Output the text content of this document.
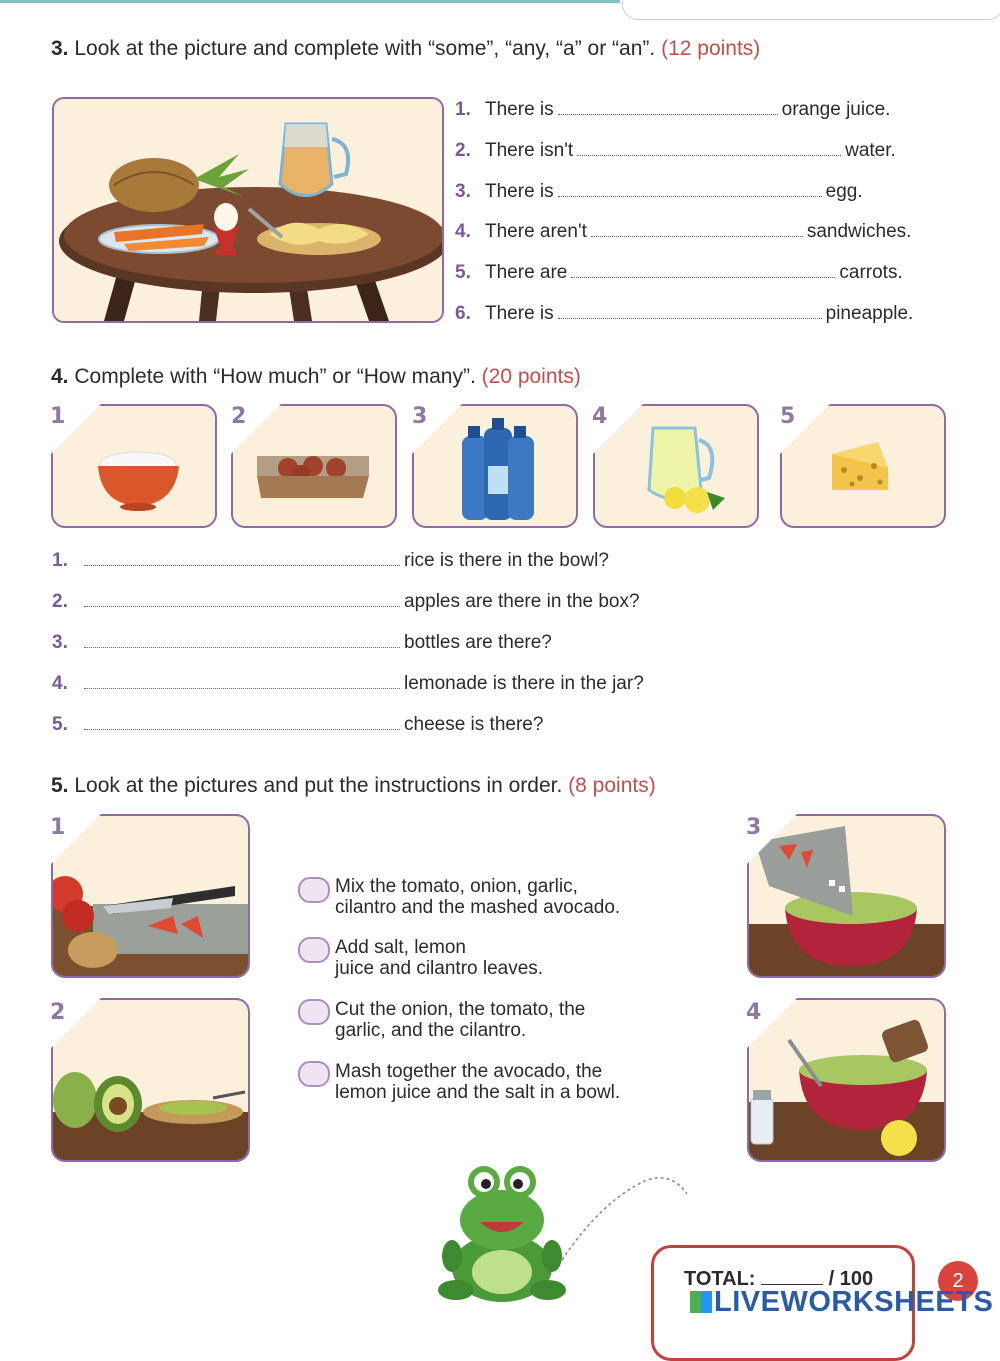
3. Look at the picture and complete with “some”, “any, “a” or “an”. (12 points)
1. There is	orange juice.
2. There isn't	water.
3. There is	egg.
4. There aren't	sandwiches.
5. There are	carrots.
6. There is	pineapple.
4. Complete with “How much” or “How many”. (20 points)
1	2	3	4	5
1.	rice is there in the bowl?
2.	apples are there in the box?
3.	bottles are there?
4.	lemonade is there in the jar?
5.	cheese is there?
5. Look at the pictures and put the instructions in order. (8 points)
1
2
3
4
Mix the tomato, onion, garlic,
cilantro and the mashed avocado.
Add salt, lemon
juice and cilantro leaves.
Cut the onion, the tomato, the
garlic, and the cilantro.
Mash together the avocado, the
lemon juice and the salt in a bowl.
TOTAL:	/ 100	2
LIVEWORKSHEETS
